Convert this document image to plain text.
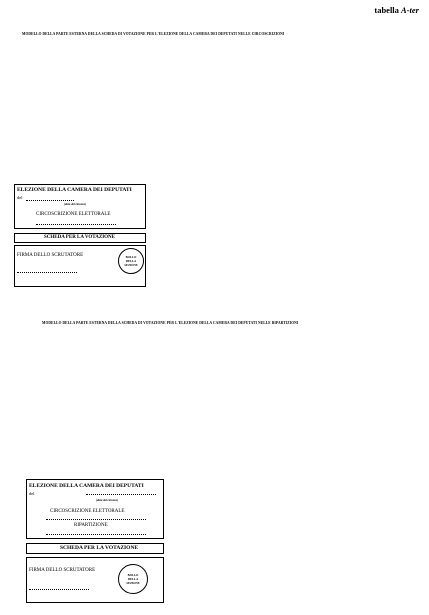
tabella A-ter
MODELLO DELLA PARTE ESTERNA DELLA SCHEDA DI VOTAZIONE PER L'ELEZIONE DELLA CAMERA DEI DEPUTATI NELLE CIRCOSCRIZIONI
ELEZIONE DELLA CAMERA DEI DEPUTATI
del
(data del rinnovo)
CIRCOSCRIZIONE ELETTORALE
SCHEDA PER LA VOTAZIONE
FIRMA DELLO SCRUTATORE	BOLLO
DELLA
SEZIONE
MODELLO DELLA PARTE ESTERNA DELLA SCHEDA DI VOTAZIONE PER L'ELEZIONE DELLA CAMERA DEI DEPUTATI NELLE RIPARTIZIONI
ELEZIONE DELLA CAMERA DEI DEPUTATI
del
(data del rinnovo)
CIRCOSCRIZIONE ELETTORALE
RIPARTIZIONE
SCHEDA PER LA VOTAZIONE
FIRMA DELLO SCRUTATORE
BOLLO
DELLA
SEZIONE
